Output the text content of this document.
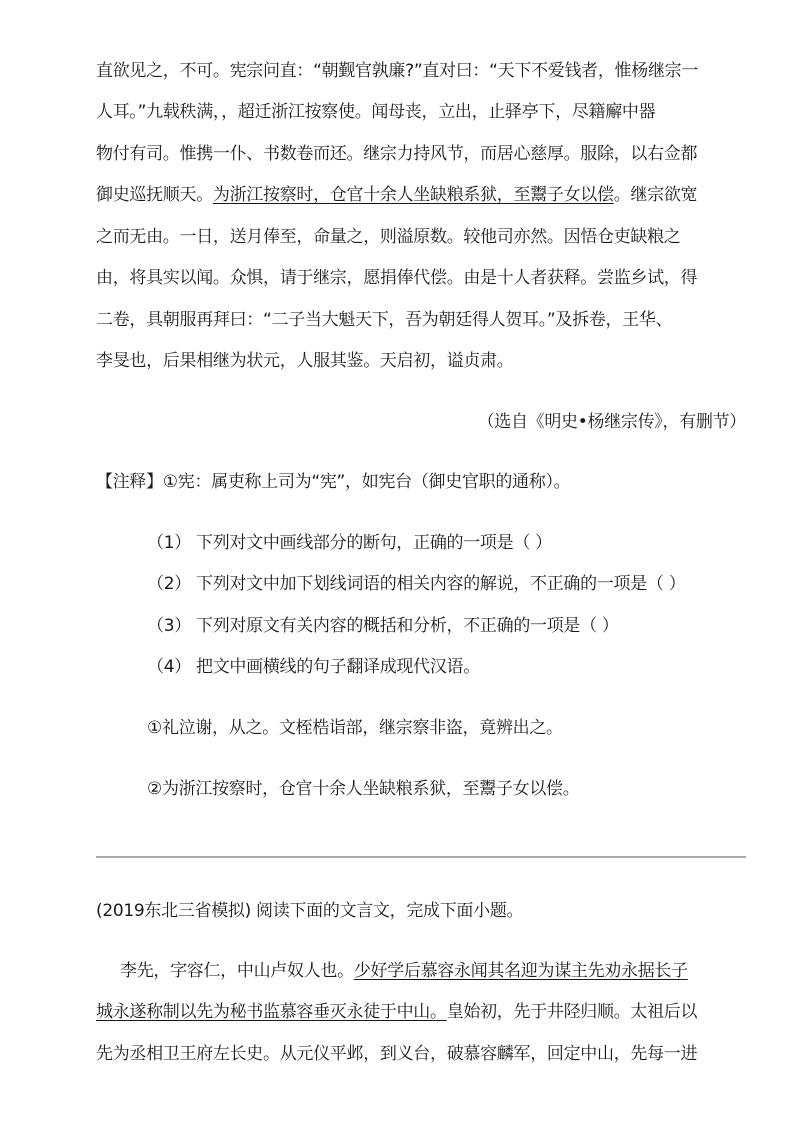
直欲见之，不可。宪宗问直：“朝觐官孰廉?”直对曰：“天下不爱钱者，惟杨继宗一
人耳。”九载秩满，，超迁浙江按察使。闻母丧，立出，止驿亭下，尽籍廨中器
物付有司。惟携一仆、书数卷而还。继宗力持风节，而居心慈厚。服除，以右佥都
御史巡抚顺天。为浙江按察时，仓官十余人坐缺粮系狱，至鬻子女以偿。继宗欲宽
之而无由。一日，送月俸至，命量之，则溢原数。较他司亦然。因悟仓吏缺粮之
由，将具实以闻。众惧，请于继宗，愿捐俸代偿。由是十人者获释。尝监乡试，得
二卷，具朝服再拜曰：“二子当大魁天下，吾为朝廷得人贺耳。”及拆卷，王华、
李旻也，后果相继为状元，人服其鉴。天启初，谥贞肃。
（选自《明史•杨继宗传》，有删节）
【注释】①宪：属吏称上司为“宪”，如宪台（御史官职的通称）。
（1） 下列对文中画线部分的断句，正确的一项是（ ）
（2） 下列对文中加下划线词语的相关内容的解说，不正确的一项是（ ）
（3） 下列对原文有关内容的概括和分析，不正确的一项是（ ）
（4） 把文中画横线的句子翻译成现代汉语。
①礼泣谢，从之。文桎梏诣部，继宗察非盗，竟辨出之。
②为浙江按察时，仓官十余人坐缺粮系狱，至鬻子女以偿。
(2019东北三省模拟) 阅读下面的文言文，完成下面小题。
李先，字容仁，中山卢奴人也。少好学后慕容永闻其名迎为谋主先劝永据长子
城永遂称制以先为秘书监慕容垂灭永徒于中山。皇始初，先于井陉归顺。太祖后以
先为丞相卫王府左长史。从元仪平邺，到义台，破慕容麟军，回定中山，先每一进
